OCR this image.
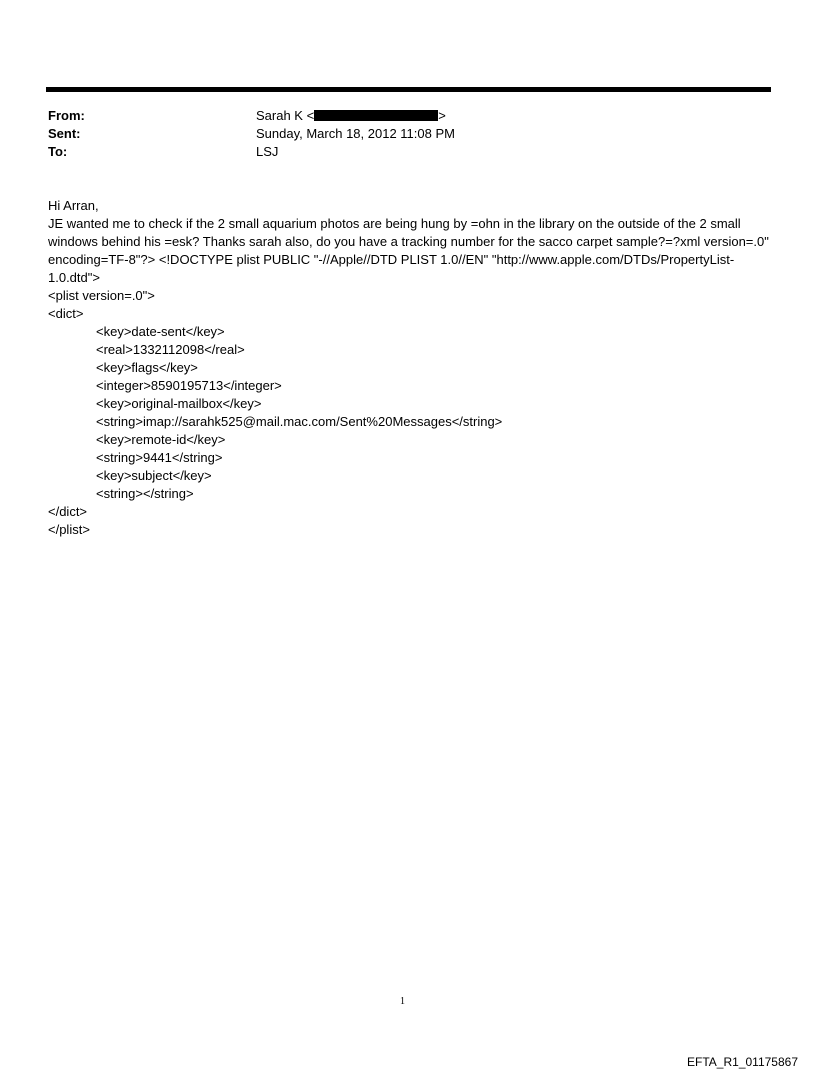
From:	Sarah K <	>
Sent:	Sunday, March 18, 2012 11:08 PM
To:	LSJ

Hi Arran,

JE wanted me to check if the 2 small aquarium photos are being hung by =ohn in the library on the outside of the 2 small windows behind his =esk? Thanks sarah also, do you have a tracking number for the sacco carpet sample?=?xml version=.0" encoding=TF-8"?> <!DOCTYPE plist PUBLIC "-//Apple//DTD PLIST 1.0//EN" "http://www.apple.com/DTDs/PropertyList-1.0.dtd">

<plist version=.0">

<dict>

<key>date-sent</key>

<real>1332112098</real>

<key>flags</key>

<integer>8590195713</integer>

<key>original-mailbox</key>

<string>imap://sarahk525@mail.mac.com/Sent%20Messages</string>

<key>remote-id</key>

<string>9441</string>

<key>subject</key>

<string></string>

</dict>

</plist>

1
EFTA_R1_01175867
